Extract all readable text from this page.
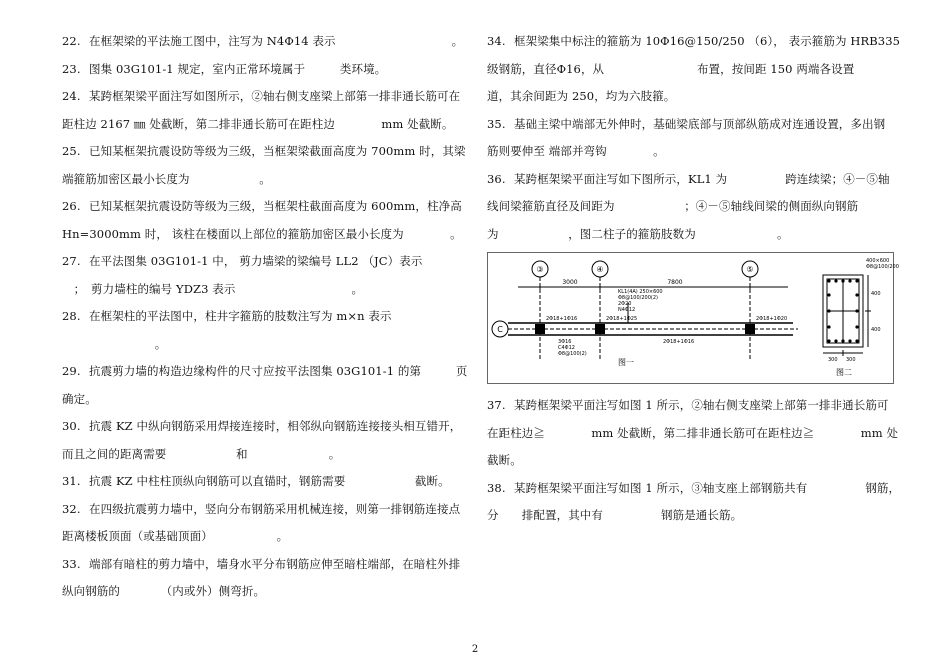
22. 在框架梁的平法施工图中，注写为 N4Φ14 表示　　　　　　　　　　。

23. 图集 03G101-1 规定，室内正常环境属于　　　类环境。

24. 某跨框架梁平面注写如图所示，②轴右侧支座梁上部第一排非通长筋可在

距柱边 2167 ㎜ 处截断，第二排非通长筋可在距柱边　　　　mm 处截断。

25. 已知某框架抗震设防等级为三级，当框架梁截面高度为 700mm 时，其梁

端箍筋加密区最小长度为　　　　　　。

26. 已知某框架抗震设防等级为三级，当框架柱截面高度为 600mm，柱净高

Hn=3000mm 时， 该柱在楼面以上部位的箍筋加密区最小长度为　　　　。

27. 在平法图集 03G101-1 中， 剪力墙梁的梁编号 LL2 （JC）表示

　；　剪力墙柱的编号 YDZ3 表示　　　　　　　　　　。

28. 在框架柱的平法图中，柱井字箍筋的肢数注写为 m×n 表示

　　　　　　　　。

29. 抗震剪力墙的构造边缘构件的尺寸应按平法图集 03G101-1 的第　　　页

确定。

30. 抗震 KZ 中纵向钢筋采用焊接连接时，相邻纵向钢筋连接接头相互错开，

而且之间的距离需要　　　　　　和　　　　　　　。

31. 抗震 KZ 中柱柱顶纵向钢筋可以直锚时，钢筋需要　　　　　　截断。

32. 在四级抗震剪力墙中，竖向分布钢筋采用机械连接，则第一排钢筋连接点

距离楼板顶面（或基础顶面）　　　　　　。

33. 端部有暗柱的剪力墙中，墙身水平分布钢筋应伸至暗柱端部，在暗柱外排

纵向钢筋的　　　　（内或外）侧弯折。

34. 框架梁集中标注的箍筋为 10Φ16@150/250 （6）， 表示箍筋为 HRB335

级钢筋，直径Φ16，从　　　　　　　　布置，按间距 150 两端各设置

道，其余间距为 250，均为六肢箍。

35. 基础主梁中端部无外伸时，基础梁底部与顶部纵筋成对连通设置，多出钢

筋则要伸至 端部并弯钩　　　　。

36. 某跨框架梁平面注写如下图所示，KL1 为　　　　　跨连续梁；④－⑤轴

线间梁箍筋直径及间距为　　　　　　；④－⑤轴线间梁的侧面纵向钢筋

为　　　　　　，图二柱子的箍筋肢数为　　　　　　　。

③	④	⑤
C
3000	7800
KL1(4A) 250×600
Φ8@100/200(2)
2Φ20
N4Φ12
2Φ18+1Φ16	2Φ18+1Φ25	2Φ18+1Φ20
3Φ16
C4Φ12
Φ8@100(2)
2Φ18+1Φ16
图一
400×600
Φ8@100/200
300 300
400
400
图二

37. 某跨框架梁平面注写如图 1 所示，②轴右侧支座梁上部第一排非通长筋可

在距柱边≧　　　　mm 处截断，第二排非通长筋可在距柱边≧　　　　mm 处

截断。

38. 某跨框架梁平面注写如图 1 所示，③轴支座上部钢筋共有　　　　　钢筋，

分　　排配置，其中有　　　　　钢筋是通长筋。

2
